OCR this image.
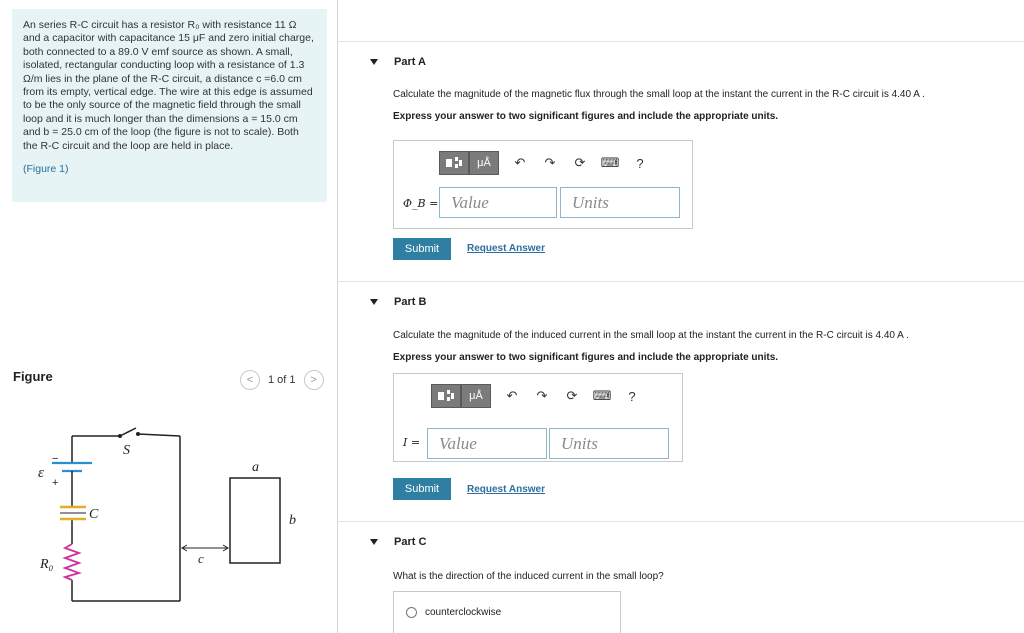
An series R-C circuit has a resistor R₀ with resistance 11 Ω and a capacitor with capacitance 15 μF and zero initial charge, both connected to a 89.0 V emf source as shown. A small, isolated, rectangular conducting loop with a resistance of 1.3 Ω/m lies in the plane of the R-C circuit, a distance c =6.0 cm from its empty, vertical edge. The wire at this edge is assumed to be the only source of the magnetic field through the small loop and it is much longer than the dimensions a = 15.0 cm and b = 25.0 cm of the loop (the figure is not to scale). Both the R-C circuit and the loop are held in place.
(Figure 1)
Figure	<	1 of 1	>
S
ε
−
+
C
R₀	c
a
b
Part A
Calculate the magnitude of the magnetic flux through the small loop at the instant the current in the R-C circuit is 4.40 A .
Express your answer to two significant figures and include the appropriate units.
μÅ	↶	↷	⟳	⌨	?
Φ_B =
Value
Units
Submit	Request Answer
Part B
Calculate the magnitude of the induced current in the small loop at the instant the current in the R-C circuit is 4.40 A .
Express your answer to two significant figures and include the appropriate units.
μÅ	↶	↷	⟳	⌨	?
I =
Value
Units
Submit	Request Answer
Part C
What is the direction of the induced current in the small loop?
counterclockwise
